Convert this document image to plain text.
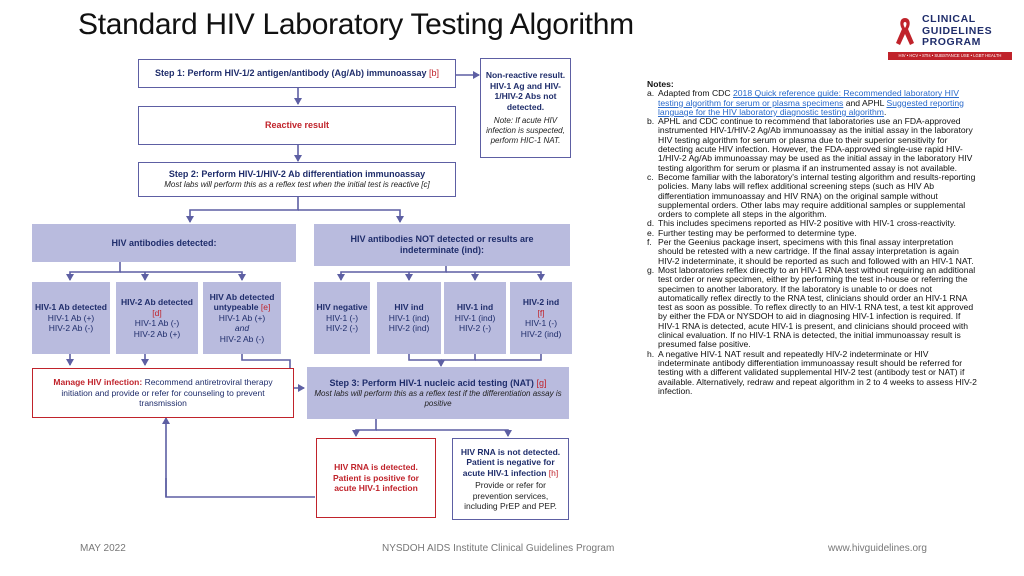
Standard HIV Laboratory Testing Algorithm	CLINICAL
GUIDELINES
PROGRAM
HIV • HCV • STIs • SUBSTANCE USE • LGBT HEALTH
Step 1: Perform HIV-1/2 antigen/antibody (Ag/Ab) immunoassay [b]	Non-reactive result. HIV-1 Ag and HIV-1/HIV-2 Abs not detected.
Note: If acute HIV infection is suspected, perform HIC-1 NAT.
Reactive result
Step 2: Perform HIV-1/HIV-2 Ab differentiation immunoassay
Most labs will perform this as a reflex test when the initial test is reactive [c]
HIV antibodies detected:	HIV antibodies NOT detected or results are indeterminate (ind):
HIV-1 Ab detected
HIV-1 Ab (+)
HIV-2 Ab (-)
HIV-2 Ab detected [d]
HIV-1 Ab (-)
HIV-2 Ab (+)
HIV Ab detected untypeable [e]
HIV-1 Ab (+)
and
HIV-2 Ab (-)
HIV negative
HIV-1 (-)
HIV-2 (-)
HIV ind
HIV-1 (ind)
HIV-2 (ind)
HIV-1 ind
HIV-1 (ind)
HIV-2 (-)
HIV-2 ind
[f]
HIV-1 (-)
HIV-2 (ind)
Manage HIV infection: Recommend antiretroviral therapy initiation and provide or refer for counseling to prevent transmission
Step 3: Perform HIV-1 nucleic acid testing (NAT) [g]
Most labs will perform this as a reflex test if the differentiation assay is positive
HIV RNA is detected. Patient is positive for acute HIV-1 infection
HIV RNA is not detected. Patient is negative for acute HIV-1 infection [h]
Provide or refer for prevention services, including PrEP and PEP.
Notes:
a. Adapted from CDC 2018 Quick reference guide: Recommended laboratory HIV testing algorithm for serum or plasma specimens and APHL Suggested reporting language for the HIV laboratory diagnostic testing algorithm.
b. APHL and CDC continue to recommend that laboratories use an FDA-approved instrumented HIV-1/HIV-2 Ag/Ab immunoassay as the initial assay in the laboratory HIV testing algorithm for serum or plasma due to their superior sensitivity for detecting acute HIV infection. However, the FDA-approved single-use rapid HIV-1/HIV-2 Ag/Ab immunoassay may be used as the initial assay in the laboratory HIV testing algorithm for serum or plasma if an instrumented assay is not available.
c. Become familiar with the laboratory's internal testing algorithm and results-reporting policies. Many labs will reflex additional screening steps (such as HIV Ab differentiation immunoassay and HIV RNA) on the original sample without supplemental orders. Other labs may require additional samples or supplemental orders to complete all steps in the algorithm.
d. This includes specimens reported as HIV-2 positive with HIV-1 cross-reactivity.
e. Further testing may be performed to determine type.
f. Per the Geenius package insert, specimens with this final assay interpretation should be retested with a new cartridge. If the final assay interpretation is again HIV-2 indeterminate, it should be reported as such and followed with an HIV-1 NAT.
g. Most laboratories reflex directly to an HIV-1 RNA test without requiring an additional test order or new specimen, either by performing the test in-house or referring the specimen to another laboratory. If the laboratory is unable to or does not automatically reflex directly to the RNA test, clinicians should order an HIV-1 RNA test as soon as possible. To reflex directly to an HIV-1 RNA test, a test kit approved by either the FDA or NYSDOH to aid in diagnosing HIV-1 infection is required. If HIV-1 RNA is detected, acute HIV-1 is present, and clinicians should proceed with clinical evaluation. If no HIV-1 RNA is detected, the initial immunoassay result is presumed false positive.
h. A negative HIV-1 NAT result and repeatedly HIV-2 indeterminate or HIV indeterminate antibody differentiation immunoassay result should be referred for testing with a different validated supplemental HIV-2 test (antibody test or NAT) if available. Alternatively, redraw and repeat algorithm in 2 to 4 weeks to assess HIV-2 infection.
MAY 2022	NYSDOH AIDS Institute Clinical Guidelines Program	www.hivguidelines.org
